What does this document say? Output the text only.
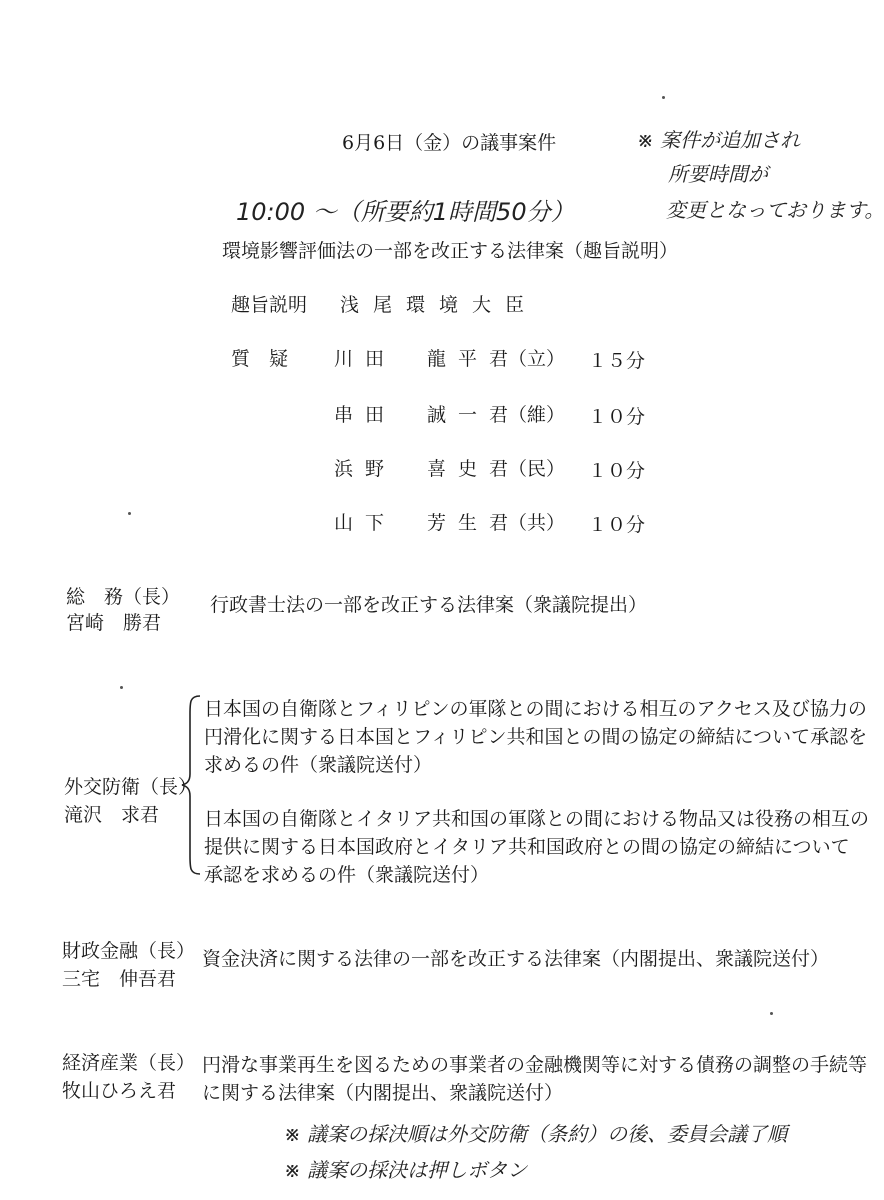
6月6日（金）の議事案件	※ 案件が追加され
所要時間が
変更となっております。
10:00 〜（所要約1時間50分）
環境影響評価法の一部を改正する法律案（趣旨説明）
趣旨説明 浅尾環境大臣
質　疑 川田　龍平君
（立） １５分
串田　誠一君
（維） １０分
浜野　喜史君
（民） １０分
山下　芳生君
（共） １０分
総　務（長）
宮崎　勝君
行政書士法の一部を改正する法律案（衆議院提出）
外交防衛（長）
滝沢　求君
日本国の自衛隊とフィリピンの軍隊との間における相互のアクセス及び協力の
円滑化に関する日本国とフィリピン共和国との間の協定の締結について承認を
求めるの件（衆議院送付）
日本国の自衛隊とイタリア共和国の軍隊との間における物品又は役務の相互の
提供に関する日本国政府とイタリア共和国政府との間の協定の締結について
承認を求めるの件（衆議院送付）
財政金融（長）
三宅　伸吾君
資金決済に関する法律の一部を改正する法律案（内閣提出、衆議院送付）
経済産業（長）
牧山ひろえ君
円滑な事業再生を図るための事業者の金融機関等に対する債務の調整の手続等
に関する法律案（内閣提出、衆議院送付）
※ 議案の採決順は外交防衛（条約）の後、委員会議了順
※ 議案の採決は押しボタン
